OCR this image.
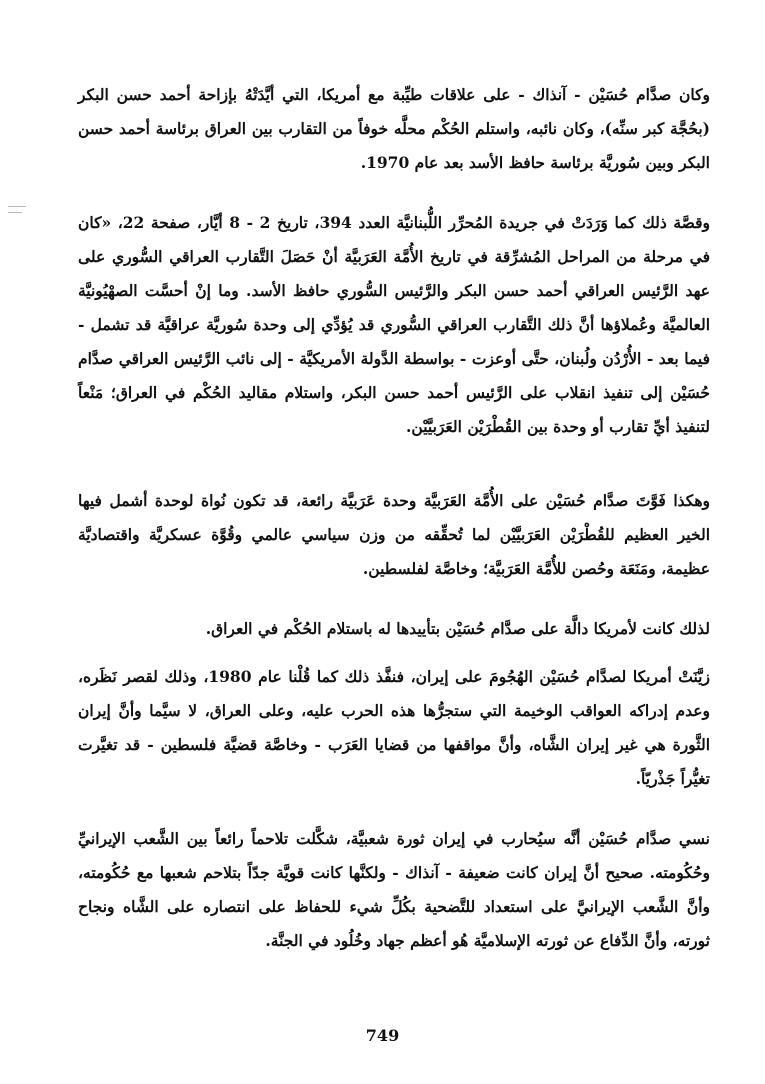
وكان صدَّام حُسَيْن - آنذاك - على علاقات طيِّبة مع أمريكا، التي أيَّدَتْهُ بإزاحة أحمد حسن البكر (بحُجَّة كبر سنِّه)، وكان نائبه، واستلم الحُكْم محلَّه خوفاً من التقارب بين العراق برئاسة أحمد حسن البكر وبين سُوريَّة برئاسة حافظ الأسد بعد عام 1970.

وقصَّة ذلك كما وَرَدَتْ في جريدة المُحرِّر اللُّبنانيَّة العدد 394، تاريخ 2 - 8 أيَّار، صفحة 22، «كان في مرحلة من المراحل المُشرِّقة في تاريخ الأُمَّة العَرَبيَّة أنْ حَصَلَ التَّقارب العراقي السُّوري على عهد الرَّئيس العراقي أحمد حسن البكر والرَّئيس السُّوري حافظ الأسد. وما إنْ أحسَّت الصهْيُونيَّة العالميَّة وعُملاؤها أنَّ ذلك التَّقارب العراقي السُّوري قد يُؤدِّي إلى وحدة سُوريَّة عراقيَّة قد تشمل - فيما بعد - الأُرْدُن ولُبنان، حتَّى أوعزت - بواسطة الدَّولة الأمريكيَّة - إلى نائب الرَّئيس العراقي صدَّام حُسَيْن إلى تنفيذ انقلاب على الرَّئيس أحمد حسن البكر، واستلام مقاليد الحُكْم في العراق؛ مَنْعاً لتنفيذ أيِّ تقارب أو وحدة بين القُطْرَيْن العَرَبيَّيْن.

وهكذا فَوَّتَ صدَّام حُسَيْن على الأُمَّة العَرَبيَّة وحدة عَرَبيَّة رائعة، قد تكون نُواة لوحدة أشمل فيها الخير العظيم للقُطْرَيْن العَرَبيَّيْن لما تُحقِّقه من وزن سياسي عالمي وقُوَّة عسكريَّة واقتصاديَّة عظيمة، ومَنَعَة وحُصن للأُمَّة العَرَبيَّة؛ وخاصَّة لفلسطين.

لذلك كانت لأمريكا دالَّة على صدَّام حُسَيْن بتأييدها له باستلام الحُكْم في العراق.

زيَّنَتْ أمريكا لصدَّام حُسَيْن الهُجُومَ على إيران، فنفَّذ ذلك كما قُلْنا عام 1980، وذلك لقصر نَظَره، وعدم إدراكه العواقب الوخيمة التي ستجرُّها هذه الحرب عليه، وعلى العراق، لا سيَّما وأنَّ إيران الثَّورة هي غير إيران الشَّاه، وأنَّ مواقفها من قضايا العَرَب - وخاصَّة قضيَّة فلسطين - قد تغيَّرت تغيُّراً جَذْريّاً.

نسي صدَّام حُسَيْن أنَّه سيُحارب في إيران ثورة شعبيَّة، شكَّلت تلاحماً رائعاً بين الشَّعب الإيرانيِّ وحُكُومته. صحيح أنَّ إيران كانت ضعيفة - آنذاك - ولكنَّها كانت قويَّة جدّاً بتلاحم شعبها مع حُكُومته، وأنَّ الشَّعب الإيرانيَّ على استعداد للتَّضحية بكُلِّ شيء للحفاظ على انتصاره على الشَّاه ونجاح ثورته، وأنَّ الدِّفاع عن ثورته الإسلاميَّة هُو أعظم جهاد وخُلُود في الجنَّة.

749
